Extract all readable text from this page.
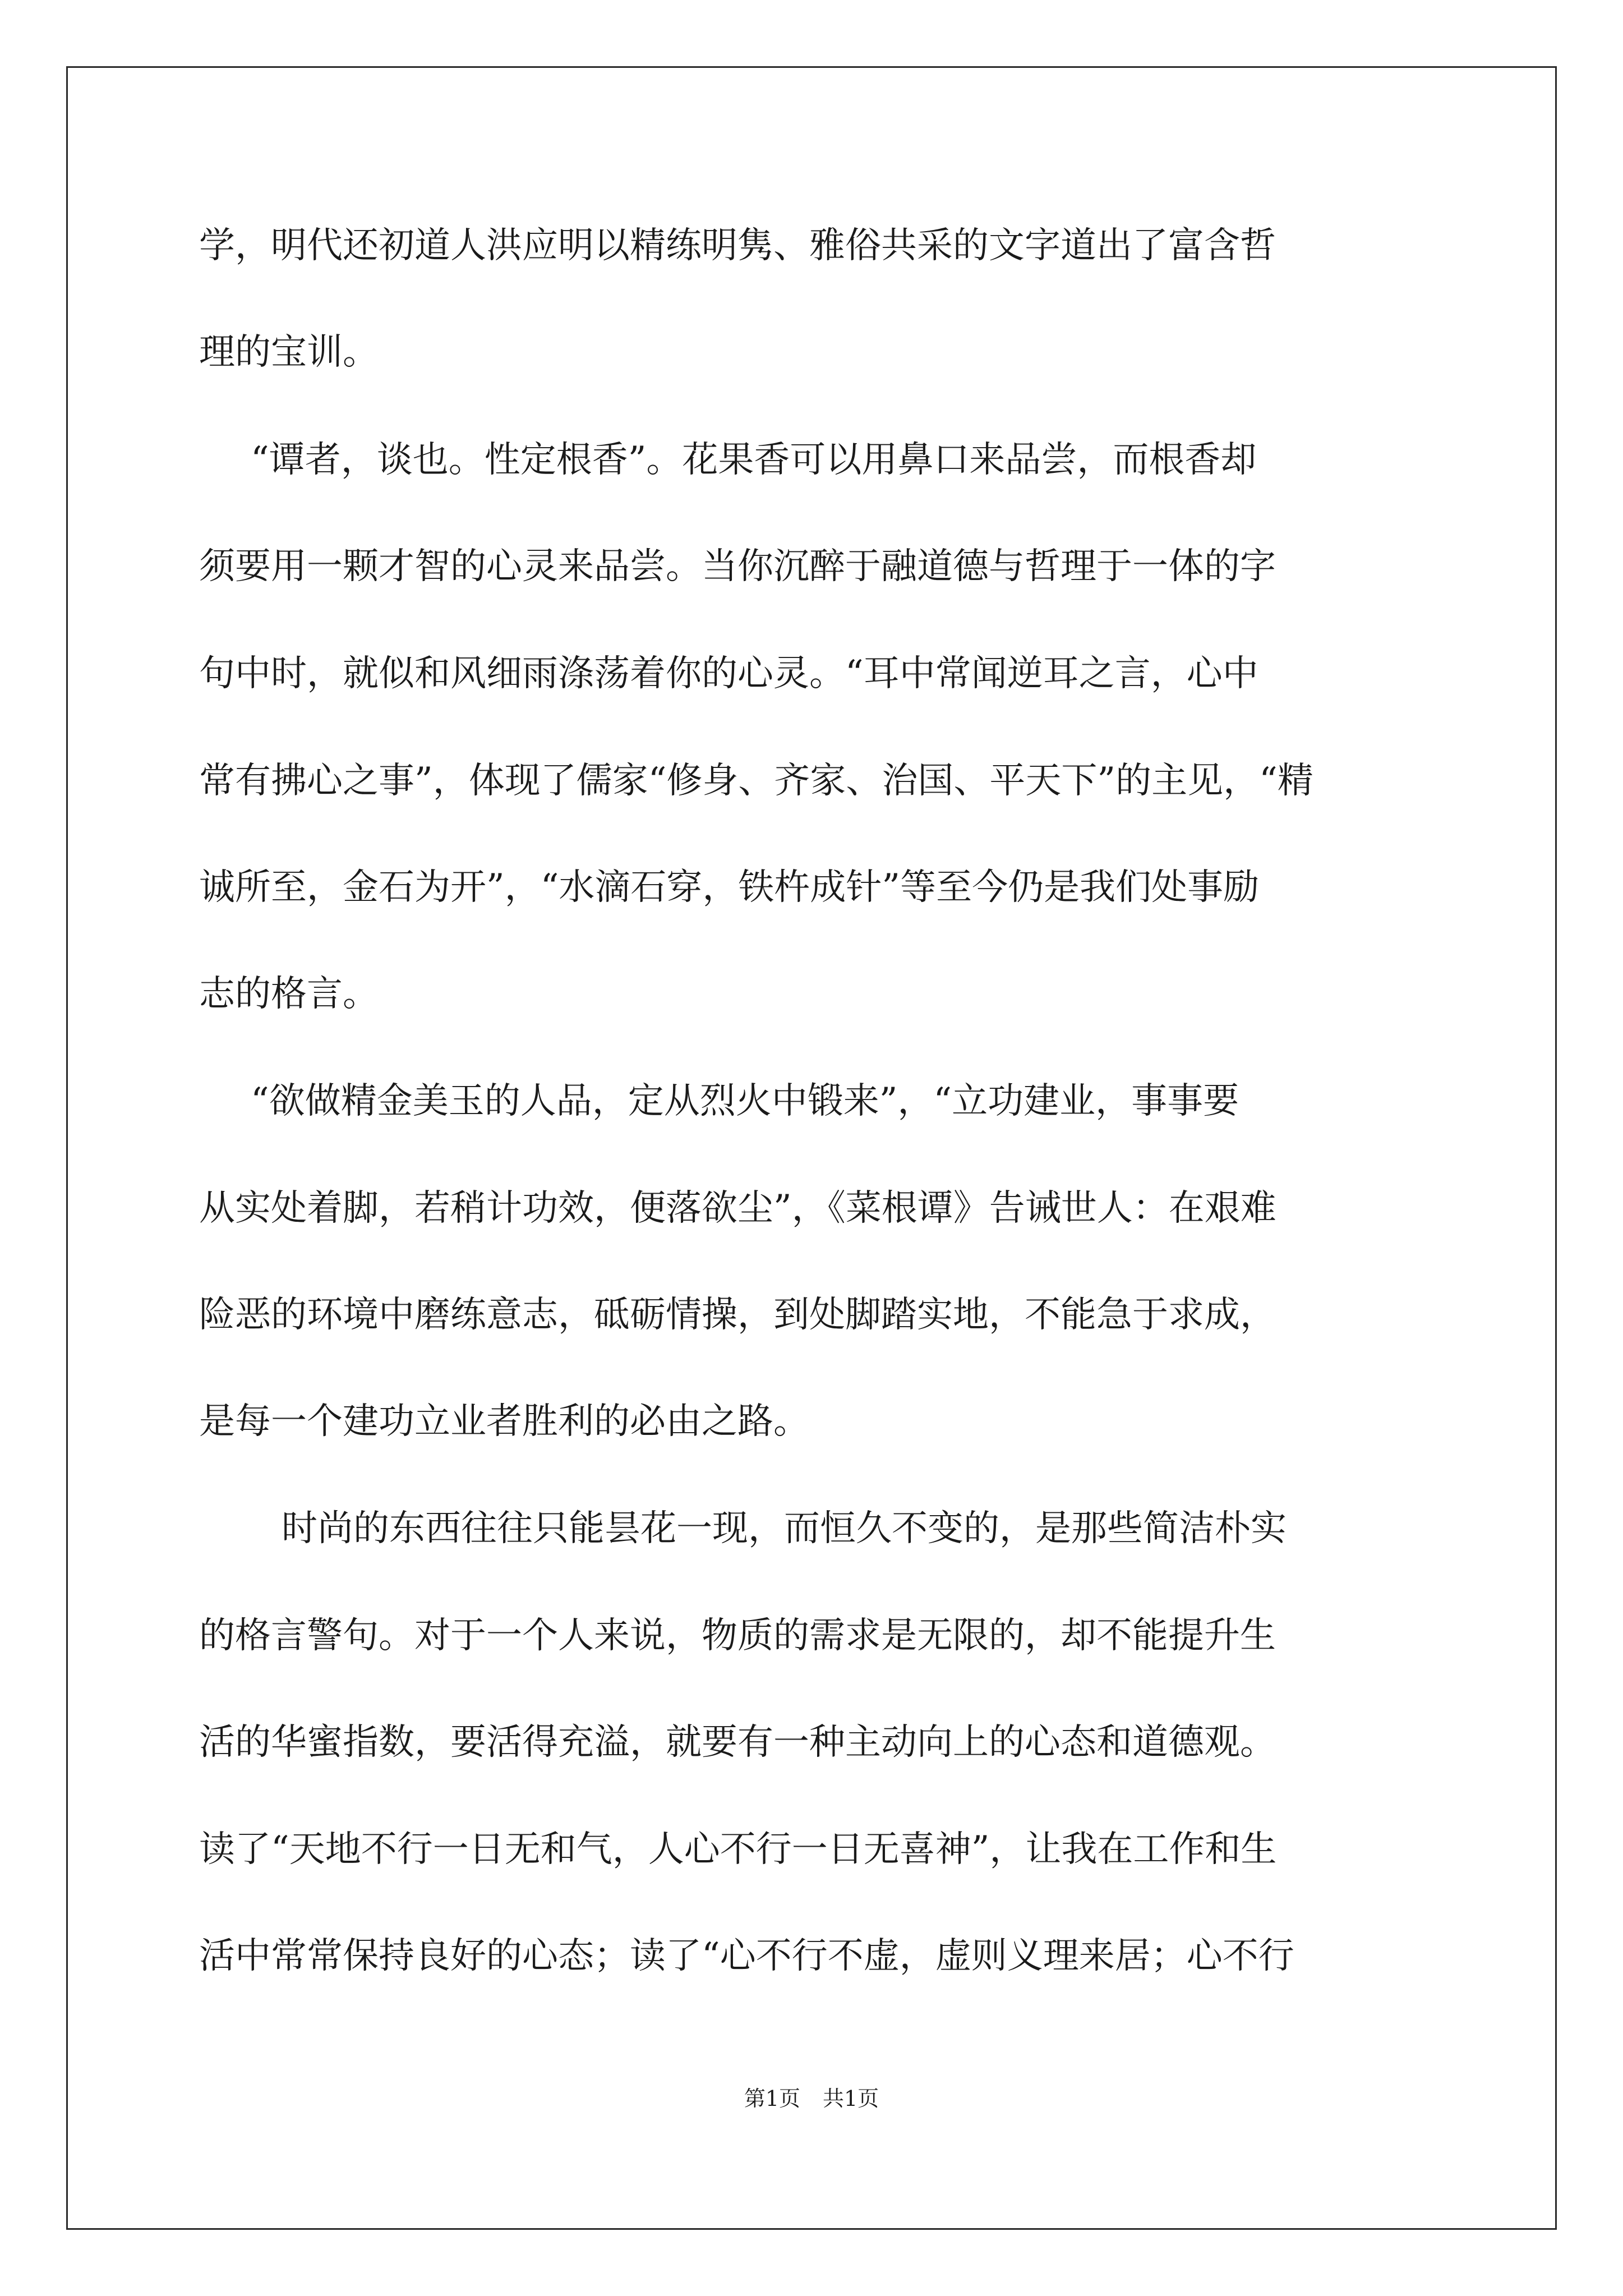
学，明代还初道人洪应明以精练明隽、雅俗共采的文字道出了富含哲
理的宝训。
“谭者，谈也。性定根香”。花果香可以用鼻口来品尝，而根香却
须要用一颗才智的心灵来品尝。当你沉醉于融道德与哲理于一体的字
句中时，就似和风细雨涤荡着你的心灵。“耳中常闻逆耳之言，心中
常有拂心之事”，体现了儒家“修身、齐家、治国、平天下”的主见，“精
诚所至，金石为开”，“水滴石穿，铁杵成针”等至今仍是我们处事励
志的格言。
“欲做精金美玉的人品，定从烈火中锻来”，“立功建业，事事要
从实处着脚，若稍计功效，便落欲尘”，《菜根谭》告诫世人：在艰难
险恶的环境中磨练意志，砥砺情操，到处脚踏实地，不能急于求成，
是每一个建功立业者胜利的必由之路。
时尚的东西往往只能昙花一现，而恒久不变的，是那些简洁朴实
的格言警句。对于一个人来说，物质的需求是无限的，却不能提升生
活的华蜜指数，要活得充溢，就要有一种主动向上的心态和道德观。
读了“天地不行一日无和气，人心不行一日无喜神”，让我在工作和生
活中常常保持良好的心态；读了“心不行不虚，虚则义理来居；心不行
第1页 共1页
